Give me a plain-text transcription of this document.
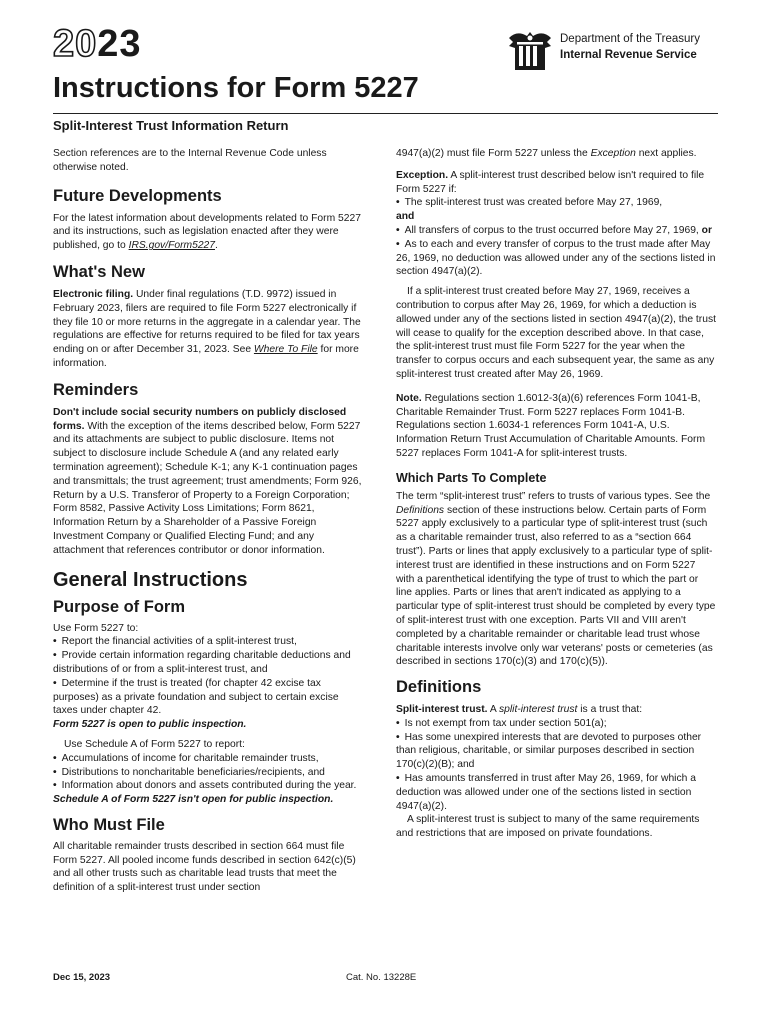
2023	Department of the Treasury
Internal Revenue Service
Instructions for Form 5227
Split-Interest Trust Information Return

Section references are to the Internal Revenue Code unless otherwise noted.

Future Developments

For the latest information about developments related to Form 5227 and its instructions, such as legislation enacted after they were published, go to IRS.gov/Form5227.

What's New

Electronic filing. Under final regulations (T.D. 9972) issued in February 2023, filers are required to file Form 5227 electronically if they file 10 or more returns in the aggregate in a calendar year. The regulations are effective for returns required to be filed for tax years ending on or after December 31, 2023. See Where To File for more information.

Reminders

Don't include social security numbers on publicly disclosed forms. With the exception of the items described below, Form 5227 and its attachments are subject to public disclosure. Items not subject to disclosure include Schedule A (and any related early termination agreement); Schedule K-1; any K-1 continuation pages and transmittals; the trust agreement; trust amendments; Form 926, Return by a U.S. Transferor of Property to a Foreign Corporation; Form 8582, Passive Activity Loss Limitations; Form 8621, Information Return by a Shareholder of a Passive Foreign Investment Company or Qualified Electing Fund; and any attachment that references contributor or donor information.

General Instructions

Purpose of Form

Use Form 5227 to:

• Report the financial activities of a split-interest trust,

• Provide certain information regarding charitable deductions and distributions of or from a split-interest trust, and

• Determine if the trust is treated (for chapter 42 excise tax purposes) as a private foundation and subject to certain excise taxes under chapter 42.

Form 5227 is open to public inspection.

Use Schedule A of Form 5227 to report:

• Accumulations of income for charitable remainder trusts,

• Distributions to noncharitable beneficiaries/recipients, and

• Information about donors and assets contributed during the year.

Schedule A of Form 5227 isn't open for public inspection.

Who Must File

All charitable remainder trusts described in section 664 must file Form 5227. All pooled income funds described in section 642(c)(5) and all other trusts such as charitable lead trusts that meet the definition of a split-interest trust under section

4947(a)(2) must file Form 5227 unless the Exception next applies.

Exception. A split-interest trust described below isn't required to file Form 5227 if:

• The split-interest trust was created before May 27, 1969,

and

• All transfers of corpus to the trust occurred before May 27, 1969, or

• As to each and every transfer of corpus to the trust made after May 26, 1969, no deduction was allowed under any of the sections listed in section 4947(a)(2).

If a split-interest trust created before May 27, 1969, receives a contribution to corpus after May 26, 1969, for which a deduction is allowed under any of the sections listed in section 4947(a)(2), the trust will cease to qualify for the exception described above. In that case, the split-interest trust must file Form 5227 for the year when the transfer to corpus occurs and each subsequent year, the same as any split-interest trust created after May 26, 1969.

Note. Regulations section 1.6012-3(a)(6) references Form 1041-B, Charitable Remainder Trust. Form 5227 replaces Form 1041-B. Regulations section 1.6034-1 references Form 1041-A, U.S. Information Return Trust Accumulation of Charitable Amounts. Form 5227 replaces Form 1041-A for split-interest trusts.

Which Parts To Complete

The term “split-interest trust” refers to trusts of various types. See the Definitions section of these instructions below. Certain parts of Form 5227 apply exclusively to a particular type of split-interest trust (such as a charitable remainder trust, also referred to as a “section 664 trust”). Parts or lines that apply exclusively to a particular type of split-interest trust are identified in these instructions and on Form 5227 with a parenthetical identifying the type of trust to which the part or line applies. Parts or lines that aren't indicated as applying to a particular type of split-interest trust should be completed by every type of split-interest trust with one exception. Parts VII and VIII aren't completed by a charitable remainder or charitable lead trust whose charitable interests involve only war veterans' posts or cemeteries (as described in sections 170(c)(3) and 170(c)(5)).

Definitions

Split-interest trust. A split-interest trust is a trust that:

• Is not exempt from tax under section 501(a);

• Has some unexpired interests that are devoted to purposes other than religious, charitable, or similar purposes described in section 170(c)(2)(B); and

• Has amounts transferred in trust after May 26, 1969, for which a deduction was allowed under one of the sections listed in section 4947(a)(2).

A split-interest trust is subject to many of the same requirements and restrictions that are imposed on private foundations.

Dec 15, 2023	Cat. No. 13228E
